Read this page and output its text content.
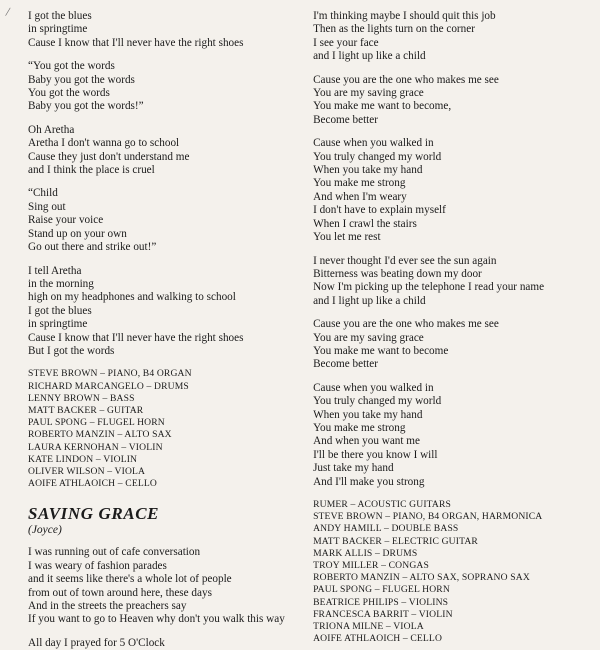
/ I got the blues
in springtime
Cause I know that I'll never have the right shoes
“You got the words
Baby you got the words
You got the words
Baby you got the words!”
Oh Aretha
Aretha I don't wanna go to school
Cause they just don't understand me
and I think the place is cruel
“Child
Sing out
Raise your voice
Stand up on your own
Go out there and strike out!”
I tell Aretha
in the morning
high on my headphones and walking to school
I got the blues
in springtime
Cause I know that I'll never have the right shoes
But I got the words
STEVE BROWN – PIANO, B4 ORGAN
RICHARD MARCANGELO – DRUMS
LENNY BROWN – BASS
MATT BACKER – GUITAR
PAUL SPONG – FLUGEL HORN
ROBERTO MANZIN – ALTO SAX
LAURA KERNOHAN – VIOLIN
KATE LINDON – VIOLIN
OLIVER WILSON – VIOLA
AOIFE ATHLAOICH – CELLO
SAVING GRACE
(Joyce)
I was running out of cafe conversation
I was weary of fashion parades
and it seems like there's a whole lot of people
from out of town around here, these days
And in the streets the preachers say
If you want to go to Heaven why don't you walk this way
All day I prayed for 5 O'Clock
I'm thinking maybe I should quit this job
Then as the lights turn on the corner
I see your face
and I light up like a child
Cause you are the one who makes me see
You are my saving grace
You make me want to become,
Become better
Cause when you walked in
You truly changed my world
When you take my hand
You make me strong
And when I'm weary
I don't have to explain myself
When I crawl the stairs
You let me rest
I never thought I'd ever see the sun again
Bitterness was beating down my door
Now I'm picking up the telephone I read your name
and I light up like a child
Cause you are the one who makes me see
You are my saving grace
You make me want to become
Become better
Cause when you walked in
You truly changed my world
When you take my hand
You make me strong
And when you want me
I'll be there you know I will
Just take my hand
And I'll make you strong
RUMER – ACOUSTIC GUITARS
STEVE BROWN – PIANO, B4 ORGAN, HARMONICA
ANDY HAMILL – DOUBLE BASS
MATT BACKER – ELECTRIC GUITAR
MARK ALLIS – DRUMS
TROY MILLER – CONGAS
ROBERTO MANZIN – ALTO SAX, SOPRANO SAX
PAUL SPONG – FLUGEL HORN
BEATRICE PHILIPS – VIOLINS
FRANCESCA BARRIT – VIOLIN
TRIONA MILNE – VIOLA
AOIFE ATHLAOICH – CELLO
